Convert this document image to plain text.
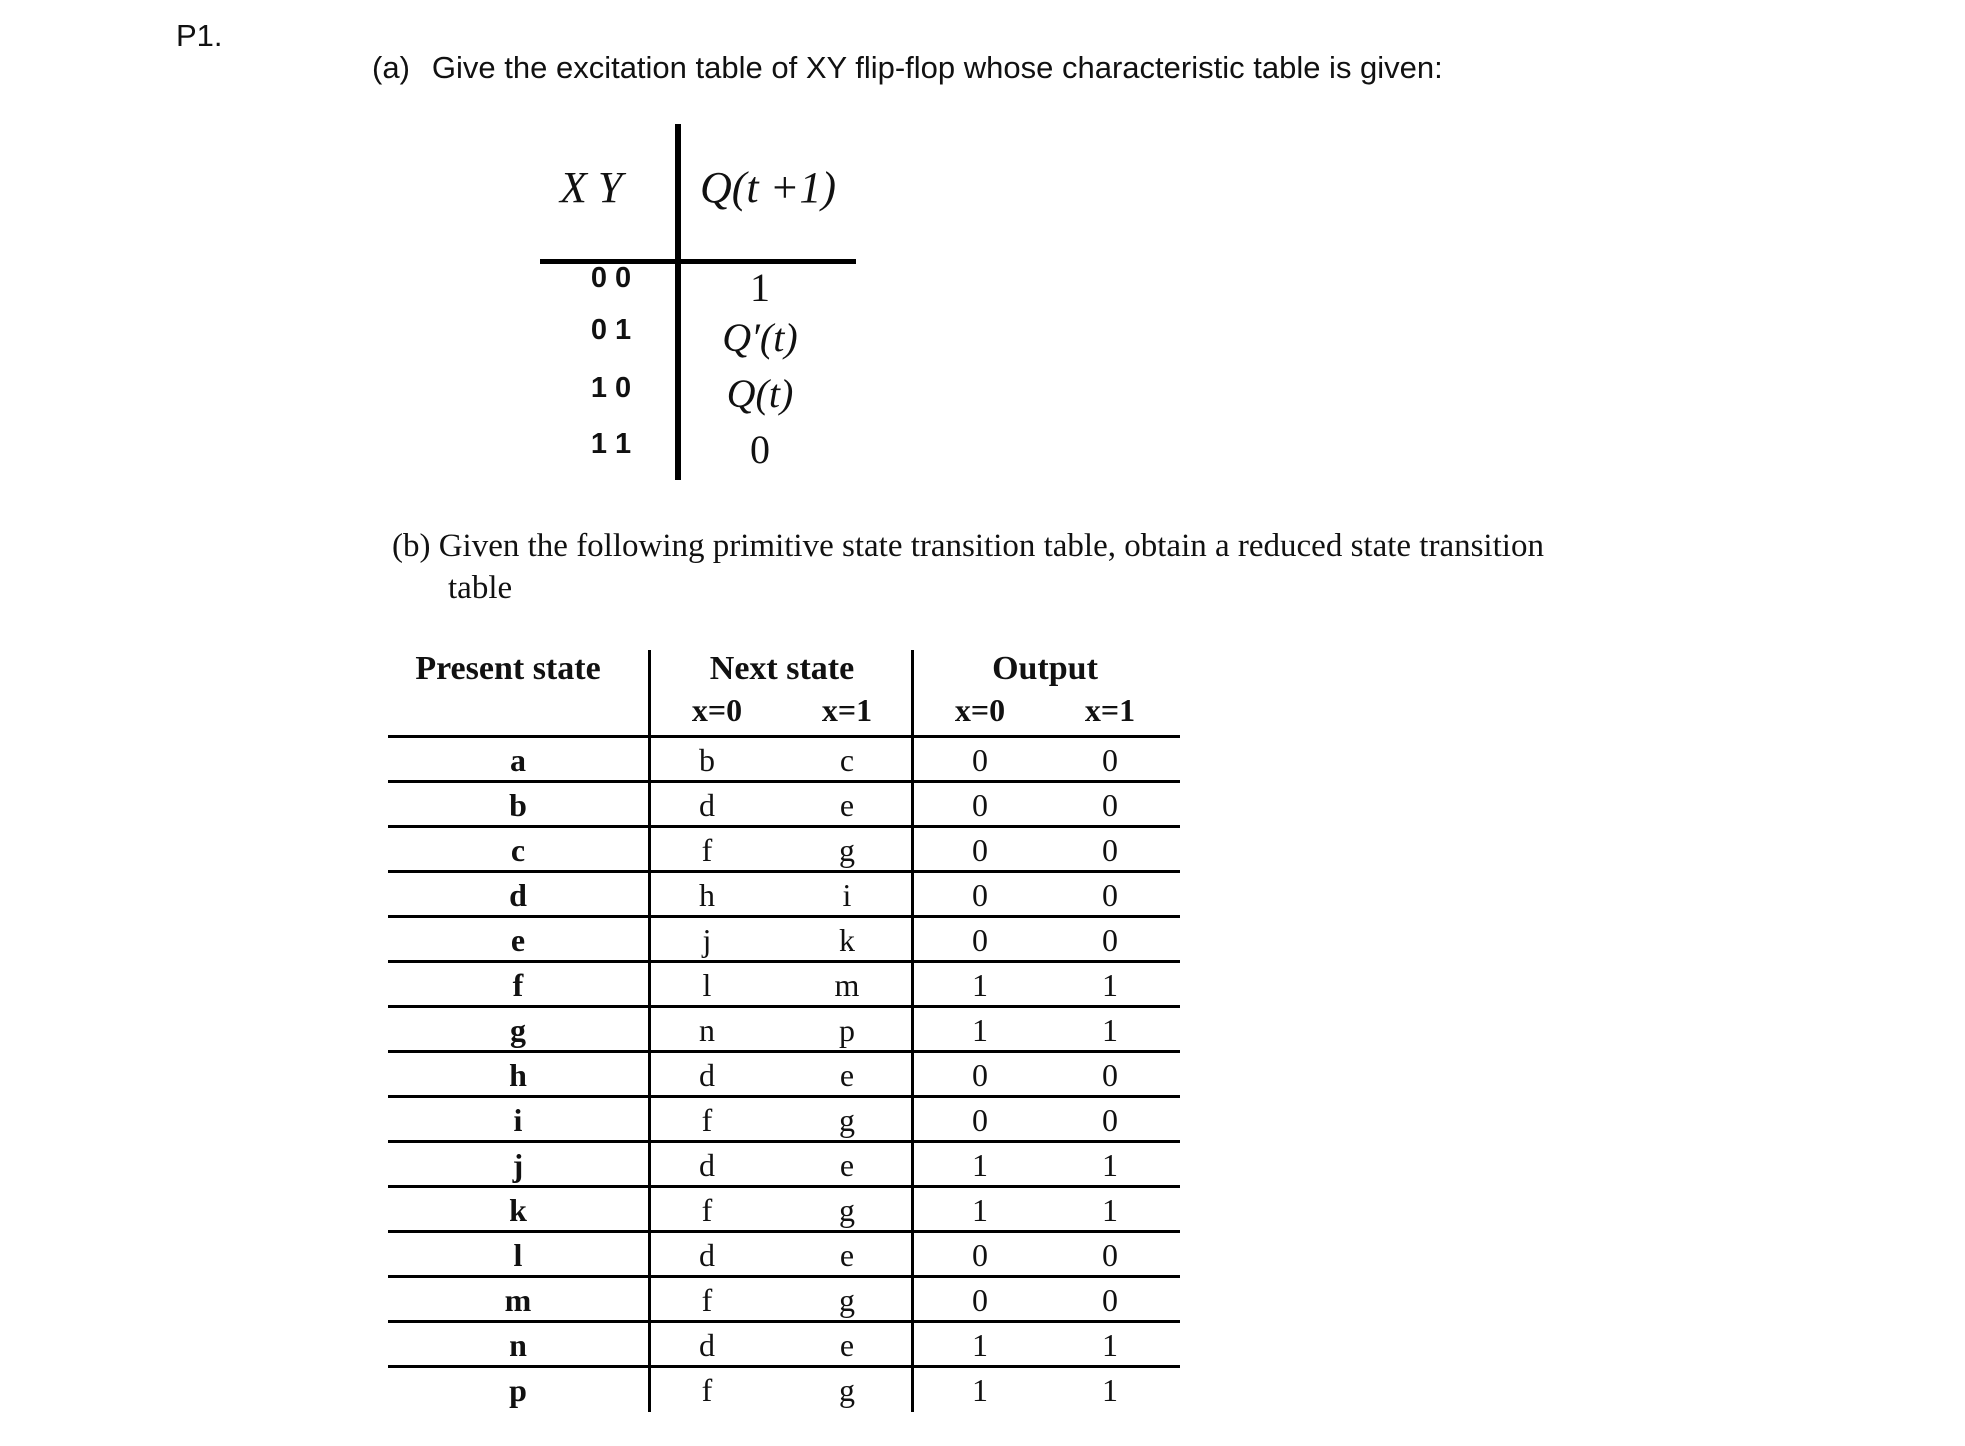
P1.
(a) Give the excitation table of XY flip-flop whose characteristic table is given:
X Y Q(t +1)
0 0	1
0 1	Q′(t)
1 0	Q(t)
1 1	0
(b) Given the following primitive state transition table, obtain a reduced state transition
table
Present state	Next state	Output
x=0	x=1	x=0	x=1
a	b	c	0	0
b	d	e	0	0
c	f	g	0	0
d	h	i	0	0
e	j	k	0	0
f	l	m	1	1
g	n	p	1	1
h	d	e	0	0
i	f	g	0	0
j	d	e	1	1
k	f	g	1	1
l	d	e	0	0
m	f	g	0	0
n	d	e	1	1
p	f	g	1	1
